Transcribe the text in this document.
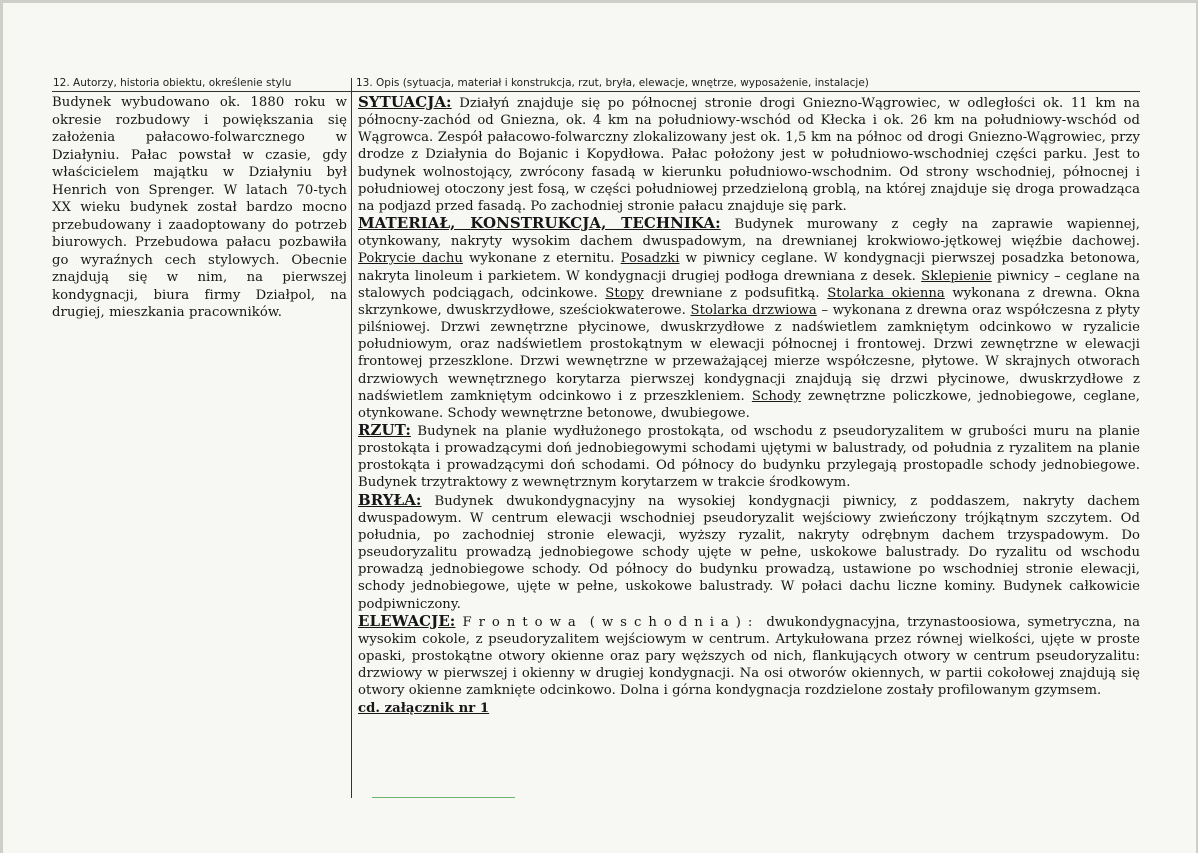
12. Autorzy, historia obiektu, określenie stylu	13. Opis (sytuacja, materiał i konstrukcja, rzut, bryła, elewacje, wnętrze, wyposażenie, instalacje)
Budynek wybudowano ok. 1880 roku w okresie rozbudowy i powiększania się założenia pałacowo-folwarcznego w Działyniu. Pałac powstał w czasie, gdy właścicielem majątku w Działyniu był Henrich von Sprenger. W latach 70-tych XX wieku budynek został bardzo mocno przebudowany i zaadoptowany do potrzeb biurowych. Przebudowa pałacu pozbawiła go wyraźnych cech stylowych. Obecnie znajdują się w nim, na pierwszej kondygnacji, biura firmy Działpol, na drugiej, mieszkania pracowników.

SYTUACJA: Działyń znajduje się po północnej stronie drogi Gniezno-Wągrowiec, w odległości ok. 11 km na północny-zachód od Gniezna, ok. 4 km na południowy-wschód od Kłecka i ok. 26 km na południowy-wschód od Wągrowca. Zespół pałacowo-folwarczny zlokalizowany jest ok. 1,5 km na północ od drogi Gniezno-Wągrowiec, przy drodze z Działynia do Bojanic i Kopydłowa. Pałac położony jest w południowo-wschodniej części parku. Jest to budynek wolnostojący, zwrócony fasadą w kierunku południowo-wschodnim. Od strony wschodniej, północnej i południowej otoczony jest fosą, w części południowej przedzieloną groblą, na której znajduje się droga prowadząca na podjazd przed fasadą. Po zachodniej stronie pałacu znajduje się park.

MATERIAŁ, KONSTRUKCJA, TECHNIKA: Budynek murowany z cegły na zaprawie wapiennej, otynkowany, nakryty wysokim dachem dwuspadowym, na drewnianej krokwiowo-jętkowej więźbie dachowej. Pokrycie dachu wykonane z eternitu. Posadzki w piwnicy ceglane. W kondygnacji pierwszej posadzka betonowa, nakryta linoleum i parkietem. W kondygnacji drugiej podłoga drewniana z desek. Sklepienie piwnicy – ceglane na stalowych podciągach, odcinkowe. Stopy drewniane z podsufitką. Stolarka okienna wykonana z drewna. Okna skrzynkowe, dwuskrzydłowe, sześciokwaterowe. Stolarka drzwiowa – wykonana z drewna oraz współczesna z płyty pilśniowej. Drzwi zewnętrzne płycinowe, dwuskrzydłowe z nadświetlem zamkniętym odcinkowo w ryzalicie południowym, oraz nadświetlem prostokątnym w elewacji północnej i frontowej. Drzwi zewnętrzne w elewacji frontowej przeszklone. Drzwi wewnętrzne w przeważającej mierze współczesne, płytowe. W skrajnych otworach drzwiowych wewnętrznego korytarza pierwszej kondygnacji znajdują się drzwi płycinowe, dwuskrzydłowe z nadświetlem zamkniętym odcinkowo i z przeszkleniem. Schody zewnętrzne policzkowe, jednobiegowe, ceglane, otynkowane. Schody wewnętrzne betonowe, dwubiegowe.

RZUT: Budynek na planie wydłużonego prostokąta, od wschodu z pseudoryzalitem w grubości muru na planie prostokąta i prowadzącymi doń jednobiegowymi schodami ujętymi w balustrady, od południa z ryzalitem na planie prostokąta i prowadzącymi doń schodami. Od północy do budynku przylegają prostopadle schody jednobiegowe. Budynek trzytraktowy z wewnętrznym korytarzem w trakcie środkowym.

BRYŁA: Budynek dwukondygnacyjny na wysokiej kondygnacji piwnicy, z poddaszem, nakryty dachem dwuspadowym. W centrum elewacji wschodniej pseudoryzalit wejściowy zwieńczony trójkątnym szczytem. Od południa, po zachodniej stronie elewacji, wyższy ryzalit, nakryty odrębnym dachem trzyspadowym. Do pseudoryzalitu prowadzą jednobiegowe schody ujęte w pełne, uskokowe balustrady. Do ryzalitu od wschodu prowadzą jednobiegowe schody. Od północy do budynku prowadzą, ustawione po wschodniej stronie elewacji, schody jednobiegowe, ujęte w pełne, uskokowe balustrady. W połaci dachu liczne kominy. Budynek całkowicie podpiwniczony.

ELEWACJE: Frontowa (wschodnia): dwukondygnacyjna, trzynastoosiowa, symetryczna, na wysokim cokole, z pseudoryzalitem wejściowym w centrum. Artykułowana przez równej wielkości, ujęte w proste opaski, prostokątne otwory okienne oraz pary węższych od nich, flankujących otwory w centrum pseudoryzalitu: drzwiowy w pierwszej i okienny w drugiej kondygnacji. Na osi otworów okiennych, w partii cokołowej znajdują się otwory okienne zamknięte odcinkowo. Dolna i górna kondygnacja rozdzielone zostały profilowanym gzymsem.

cd. załącznik nr 1
